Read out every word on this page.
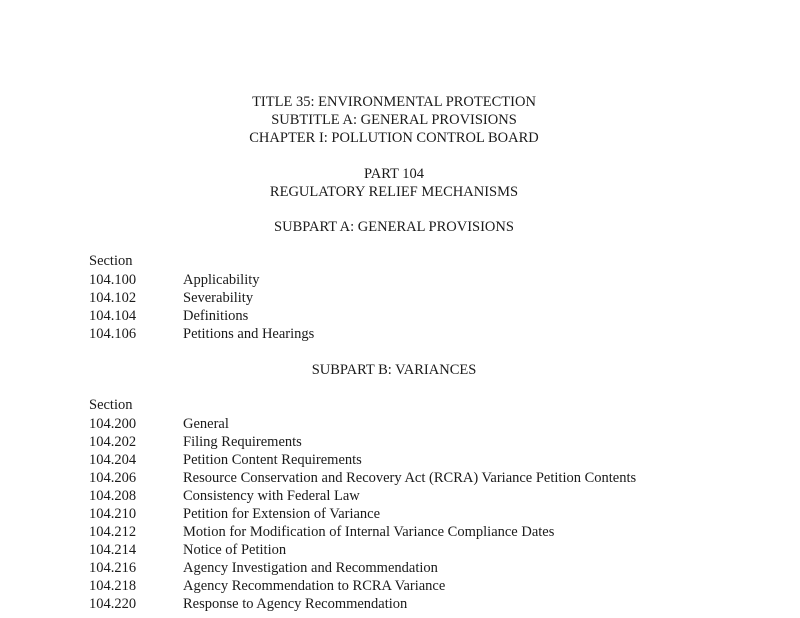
TITLE 35: ENVIRONMENTAL PROTECTION
SUBTITLE A: GENERAL PROVISIONS
CHAPTER I: POLLUTION CONTROL BOARD
PART 104
REGULATORY RELIEF MECHANISMS
SUBPART A: GENERAL PROVISIONS
Section
104.100	Applicability
104.102	Severability
104.104	Definitions
104.106	Petitions and Hearings
SUBPART B: VARIANCES
Section
104.200	General
104.202	Filing Requirements
104.204	Petition Content Requirements
104.206	Resource Conservation and Recovery Act (RCRA) Variance Petition Contents
104.208	Consistency with Federal Law
104.210	Petition for Extension of Variance
104.212	Motion for Modification of Internal Variance Compliance Dates
104.214	Notice of Petition
104.216	Agency Investigation and Recommendation
104.218	Agency Recommendation to RCRA Variance
104.220	Response to Agency Recommendation
